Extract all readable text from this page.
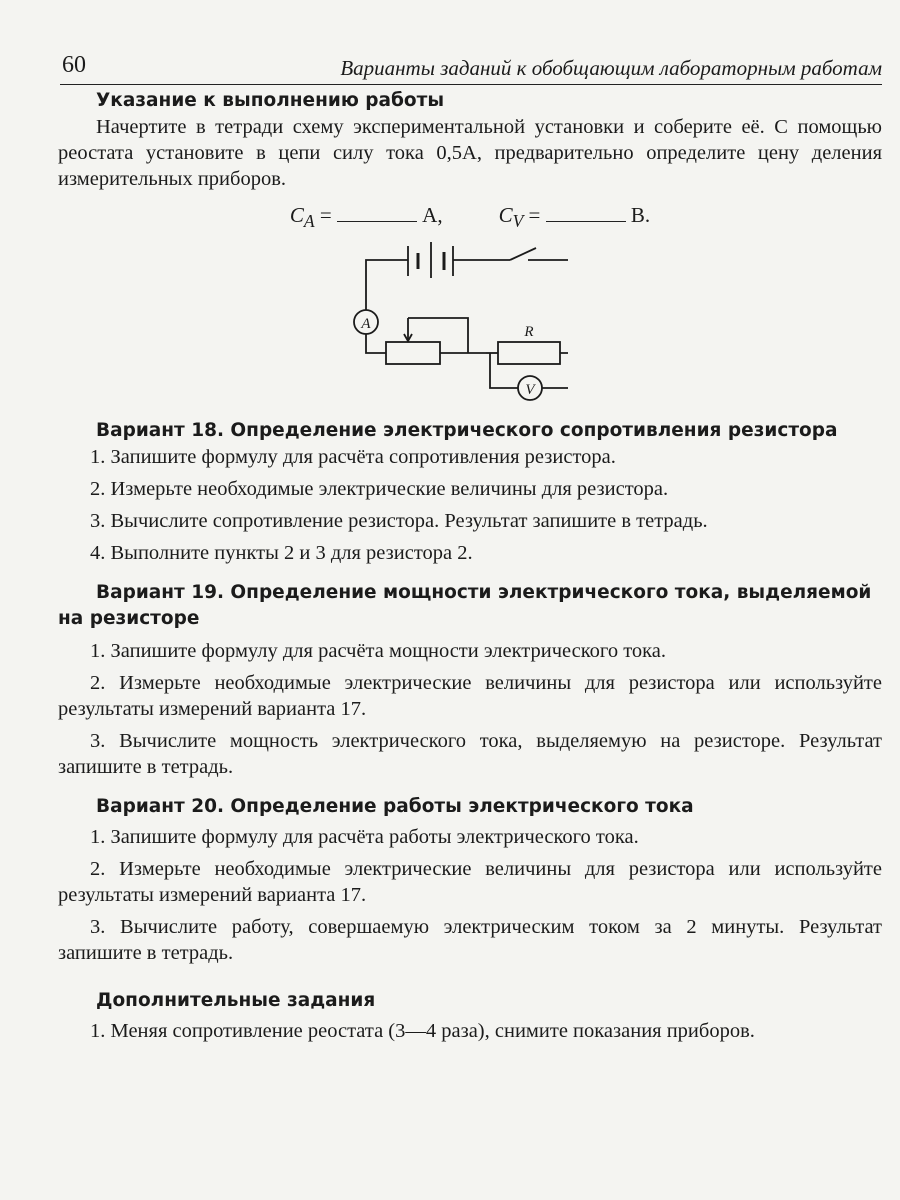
60	Варианты заданий к обобщающим лабораторным работам
Указание к выполнению работы

Начертите в тетради схему экспериментальной установки и соберите её. С помощью реостата установите в цепи силу тока 0,5A, предварительно определите цену деления измерительных приборов.

$C_A$ =	А,	$C_V$ =	В.
A
V
R
Вариант 18. Определение электрического сопротивления резистора

1. Запишите формулу для расчёта сопротивления резистора.

2. Измерьте необходимые электрические величины для резистора.

3. Вычислите сопротивление резистора. Результат запишите в тетрадь.

4. Выполните пункты 2 и 3 для резистора 2.

Вариант 19. Определение мощности электрического тока, выделяемой на резисторе

1. Запишите формулу для расчёта мощности электрического тока.

2. Измерьте необходимые электрические величины для резистора или используйте результаты измерений варианта 17.

3. Вычислите мощность электрического тока, выделяемую на резисторе. Результат запишите в тетрадь.

Вариант 20. Определение работы электрического тока

1. Запишите формулу для расчёта работы электрического тока.

2. Измерьте необходимые электрические величины для резистора или используйте результаты измерений варианта 17.

3. Вычислите работу, совершаемую электрическим током за 2 минуты. Результат запишите в тетрадь.

Дополнительные задания

1. Меняя сопротивление реостата (3—4 раза), снимите показания приборов.
